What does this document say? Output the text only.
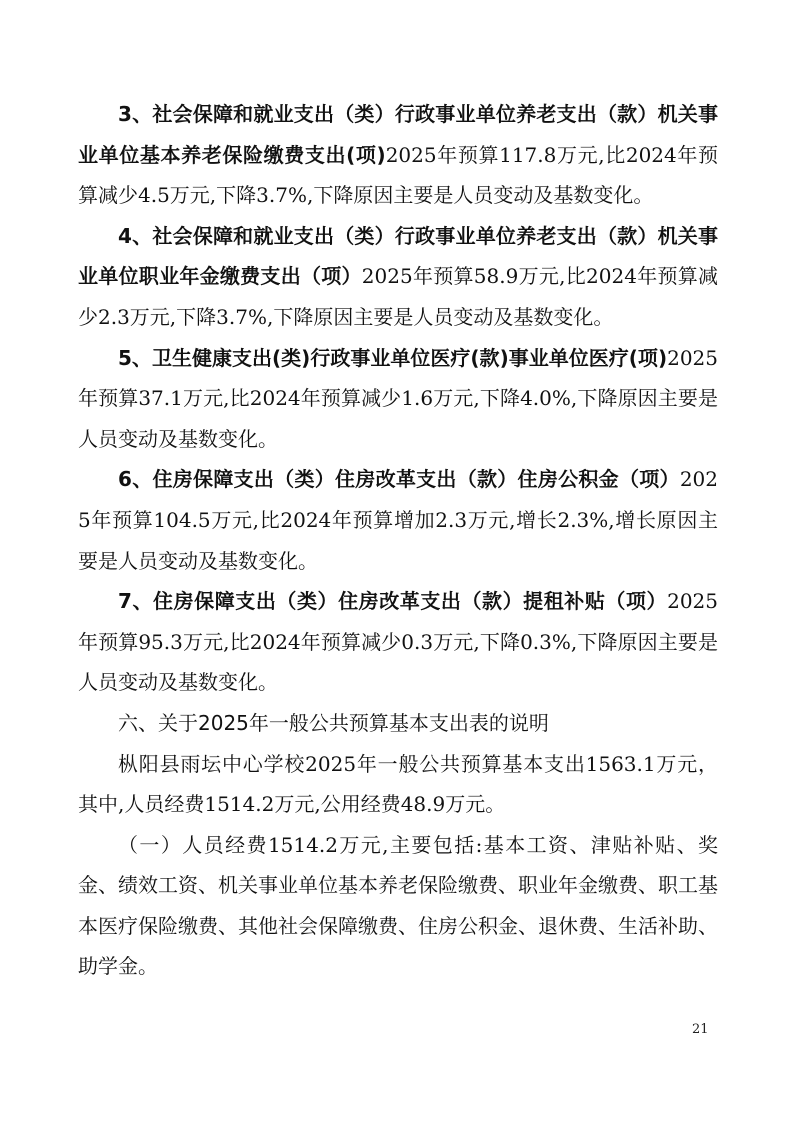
3、社会保障和就业支出（类）行政事业单位养老支出（款）机关事业单位基本养老保险缴费支出(项)2025年预算117.8万元,比2024年预算减少4.5万元,下降3.7%,下降原因主要是人员变动及基数变化。

4、社会保障和就业支出（类）行政事业单位养老支出（款）机关事业单位职业年金缴费支出（项）2025年预算58.9万元,比2024年预算减少2.3万元,下降3.7%,下降原因主要是人员变动及基数变化。

5、卫生健康支出(类)行政事业单位医疗(款)事业单位医疗(项)2025年预算37.1万元,比2024年预算减少1.6万元,下降4.0%,下降原因主要是人员变动及基数变化。

6、住房保障支出（类）住房改革支出（款）住房公积金（项）2025年预算104.5万元,比2024年预算增加2.3万元,增长2.3%,增长原因主要是人员变动及基数变化。

7、住房保障支出（类）住房改革支出（款）提租补贴（项）2025年预算95.3万元,比2024年预算减少0.3万元,下降0.3%,下降原因主要是人员变动及基数变化。

六、关于2025年一般公共预算基本支出表的说明

枞阳县雨坛中心学校2025年一般公共预算基本支出1563.1万元，其中,人员经费1514.2万元,公用经费48.9万元。

（一）人员经费1514.2万元,主要包括:基本工资、津贴补贴、奖金、绩效工资、机关事业单位基本养老保险缴费、职业年金缴费、职工基本医疗保险缴费、其他社会保障缴费、住房公积金、退休费、生活补助、助学金。

21
